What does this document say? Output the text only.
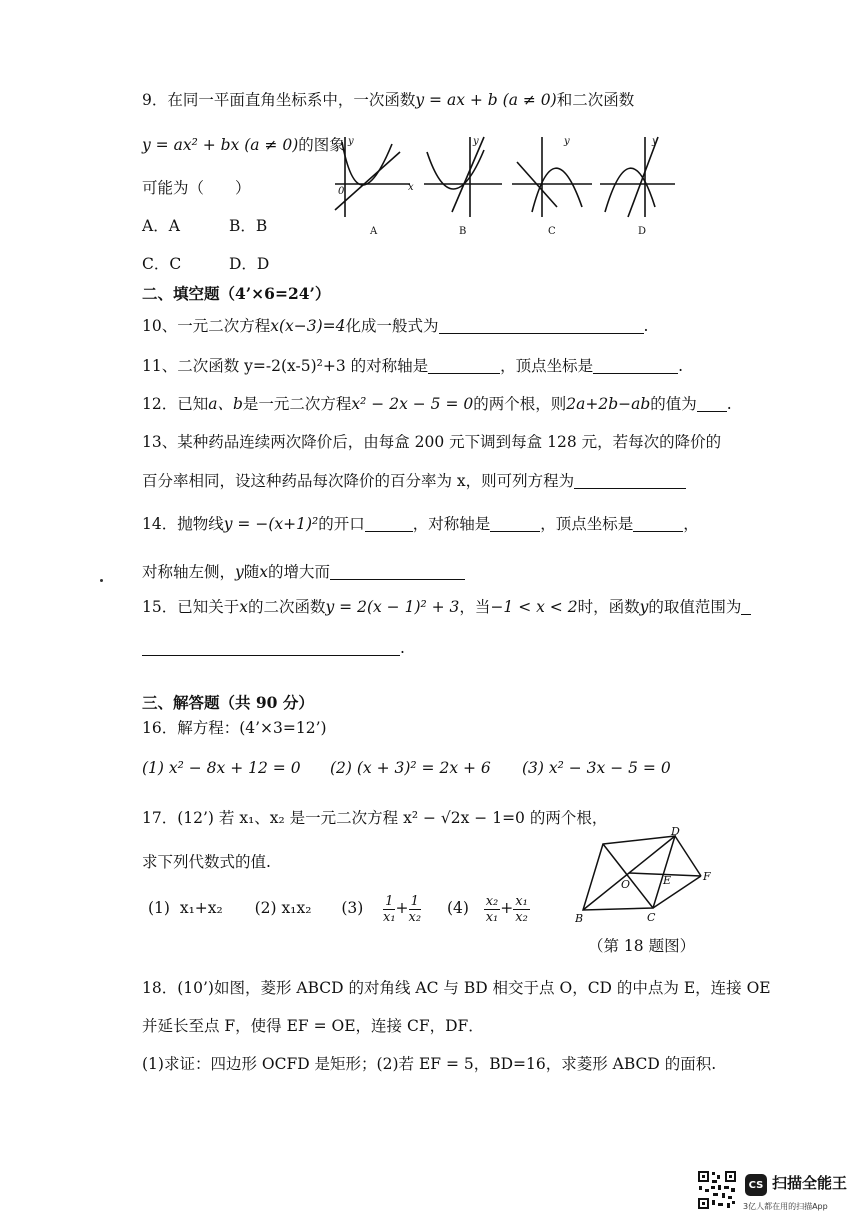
9．在同一平面直角坐标系中，一次函数y = ax + b (a ≠ 0)和二次函数
y = ax² + bx (a ≠ 0)的图象
可能为（　　）
A．A	B．B
C．C	D．D
y
x
0
y	y	y
A	B	C	D
二、填空题（4’×6=24’）
10、一元二次方程x(x−3)=4化成一般式为	.
11、二次函数 y=-2(x-5)²+3 的对称轴是	，顶点坐标是	.
12．已知a、b是一元二次方程x² − 2x − 5 = 0的两个根，则2a+2b−ab的值为 .
13、某种药品连续两次降价后，由每盒 200 元下调到每盒 128 元，若每次的降价的
百分率相同，设这种药品每次降价的百分率为 x，则可列方程为
14．抛物线y = −(x+1)²的开口	，对称轴是	，顶点坐标是	，
对称轴左侧，y随x的增大而
15．已知关于x的二次函数y = 2(x − 1)² + 3，当−1 < x < 2时，函数y的取值范围为
.
三、解答题（共 90 分）
16．解方程：(4’×3=12’)
(1) x² − 8x + 12 = 0 (2) (x + 3)² = 2x + 6 (3) x² − 3x − 5 = 0
17．(12’) 若 x₁、x₂ 是一元二次方程 x² − √2x − 1=0 的两个根，
求下列代数式的值.
(1) x₁+x₂ (2) x₁x₂ $(3) \frac{1}{\text{x₁}} + \frac{1}{\text{x₂}} (4) \frac{\text{x₂}}{\text{x₁}} + \frac{\text{x₁}}{\text{x₂}}$
D
B	C
F
O	E
（第 18 题图）
18．(10’)如图，菱形 ABCD 的对角线 AC 与 BD 相交于点 O，CD 的中点为 E，连接 OE
并延长至点 F，使得 EF = OE，连接 CF，DF．
(1)求证：四边形 OCFD 是矩形；(2)若 EF = 5，BD=16，求菱形 ABCD 的面积.
CS 扫描全能王
3亿人都在用的扫描App
